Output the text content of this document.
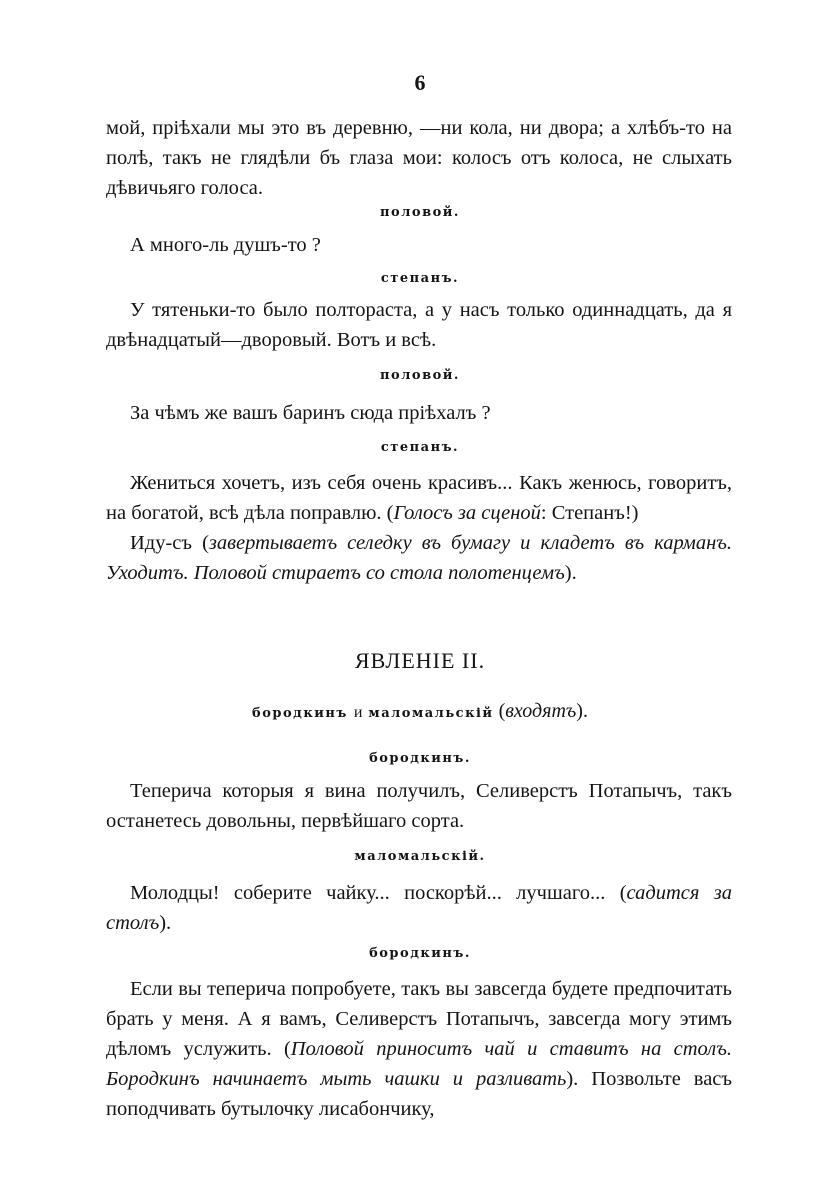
6

мой, пріѣхали мы это въ деревню, —ни кола, ни двора; а хлѣбъ-то на полѣ, такъ не глядѣли бъ глаза мои: колосъ отъ колоса, не слыхать дѣвичьяго голоса.

половой.

А много-ль душъ-то ?

степанъ.

У тятеньки-то было полтораста, а у насъ только одиннадцать, да я двѣнадцатый—дворовый. Вотъ и всѣ.

половой.

За чѣмъ же вашъ баринъ сюда пріѣхалъ ?

степанъ.

Жениться хочетъ, изъ себя очень красивъ... Какъ женюсь, говоритъ, на богатой, всѣ дѣла поправлю. (Голосъ за сценой: Степанъ!)

Иду-съ (завертываетъ селедку въ бумагу и кладетъ въ карманъ. Уходитъ. Половой стираетъ со стола полотенцемъ).

ЯВЛЕНІЕ II.
бородкинъ и маломальскій (входятъ).
бородкинъ.

Теперича которыя я вина получилъ, Селиверстъ Потапычъ, такъ останетесь довольны, первѣйшаго сорта.

маломальскій.

Молодцы! соберите чайку... поскорѣй... лучшаго... (садится за столъ).

бородкинъ.

Если вы теперича попробуете, такъ вы завсегда будете предпочитать брать у меня. А я вамъ, Селиверстъ Потапычъ, завсегда могу этимъ дѣломъ услужить. (Половой приноситъ чай и ставитъ на столъ. Бородкинъ начинаетъ мыть чашки и разливать). Позвольте васъ поподчивать бутылочку лисабончику,
